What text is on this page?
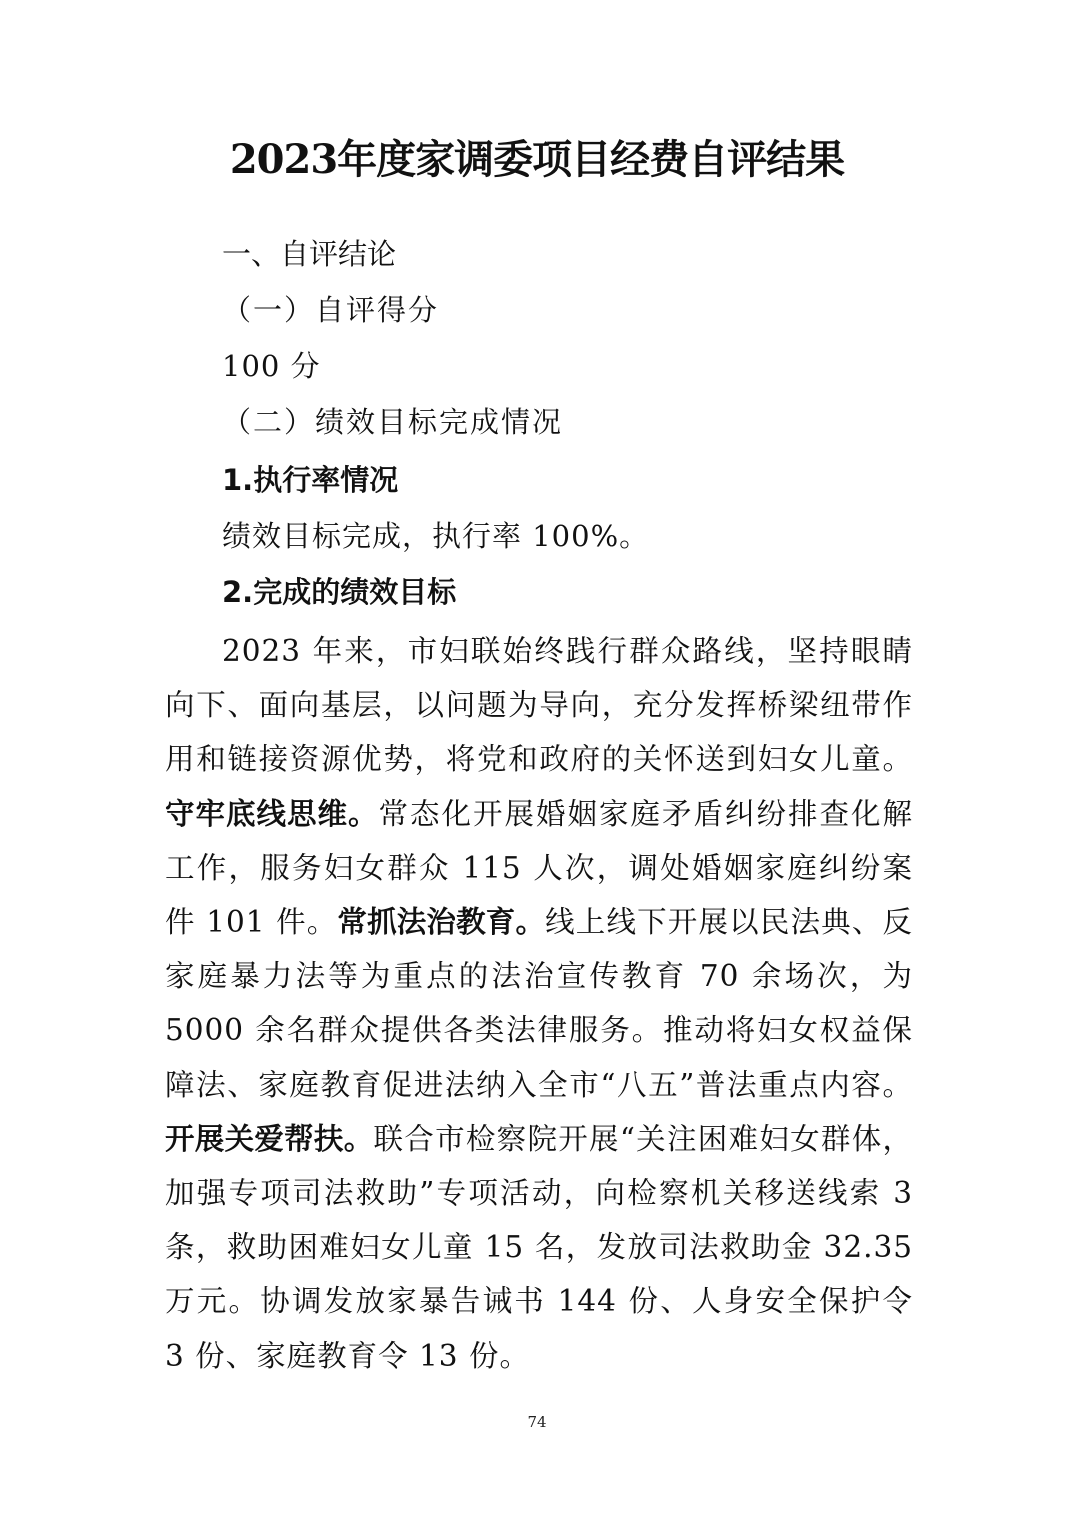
2023年度家调委项目经费自评结果

一、自评结论

（一）自评得分

100 分

（二）绩效目标完成情况

1.执行率情况

绩效目标完成，执行率 100%。

2.完成的绩效目标

2023 年来，市妇联始终践行群众路线，坚持眼睛向下、面向基层，以问题为导向，充分发挥桥梁纽带作用和链接资源优势，将党和政府的关怀送到妇女儿童。守牢底线思维。常态化开展婚姻家庭矛盾纠纷排查化解工作，服务妇女群众 115 人次，调处婚姻家庭纠纷案件 101 件。常抓法治教育。线上线下开展以民法典、反家庭暴力法等为重点的法治宣传教育 70 余场次，为 5000 余名群众提供各类法律服务。推动将妇女权益保障法、家庭教育促进法纳入全市“八五”普法重点内容。开展关爱帮扶。联合市检察院开展“关注困难妇女群体，加强专项司法救助”专项活动，向检察机关移送线索 3 条，救助困难妇女儿童 15 名，发放司法救助金 32.35 万元。协调发放家暴告诫书 144 份、人身安全保护令 3 份、家庭教育令 13 份。

74
